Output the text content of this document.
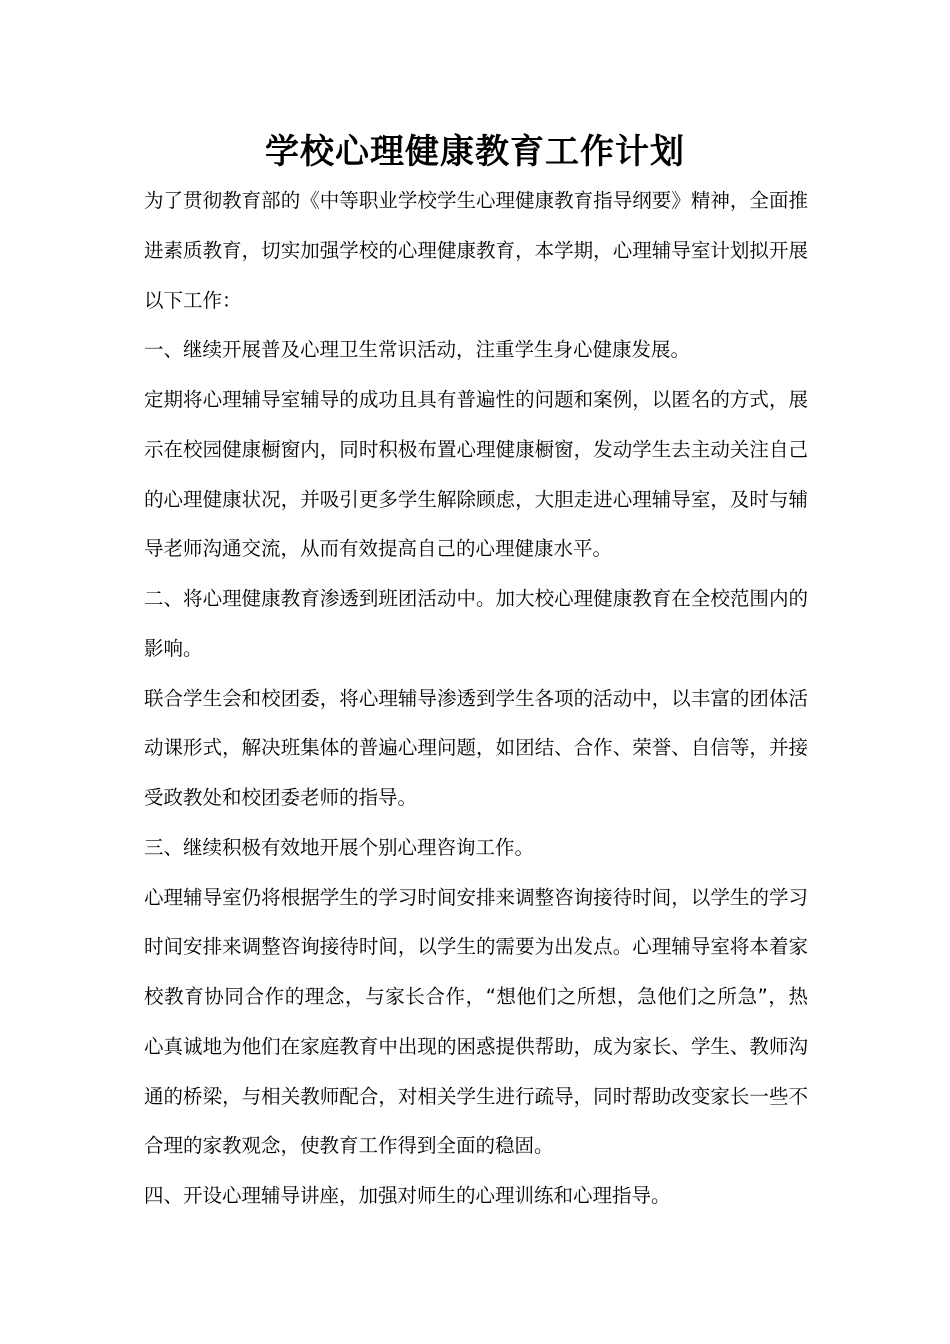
学校心理健康教育工作计划
为了贯彻教育部的《中等职业学校学生心理健康教育指导纲要》精神，全面推
进素质教育，切实加强学校的心理健康教育，本学期，心理辅导室计划拟开展
以下工作：
一、继续开展普及心理卫生常识活动，注重学生身心健康发展。
定期将心理辅导室辅导的成功且具有普遍性的问题和案例，以匿名的方式，展
示在校园健康橱窗内，同时积极布置心理健康橱窗，发动学生去主动关注自己
的心理健康状况，并吸引更多学生解除顾虑，大胆走进心理辅导室，及时与辅
导老师沟通交流，从而有效提高自己的心理健康水平。
二、将心理健康教育渗透到班团活动中。加大校心理健康教育在全校范围内的
影响。
联合学生会和校团委，将心理辅导渗透到学生各项的活动中，以丰富的团体活
动课形式，解决班集体的普遍心理问题，如团结、合作、荣誉、自信等，并接
受政教处和校团委老师的指导。
三、继续积极有效地开展个别心理咨询工作。
心理辅导室仍将根据学生的学习时间安排来调整咨询接待时间，以学生的学习
时间安排来调整咨询接待时间，以学生的需要为出发点。心理辅导室将本着家
校教育协同合作的理念，与家长合作，“想他们之所想，急他们之所急”，热
心真诚地为他们在家庭教育中出现的困惑提供帮助，成为家长、学生、教师沟
通的桥梁，与相关教师配合，对相关学生进行疏导，同时帮助改变家长一些不
合理的家教观念，使教育工作得到全面的稳固。
四、开设心理辅导讲座，加强对师生的心理训练和心理指导。
